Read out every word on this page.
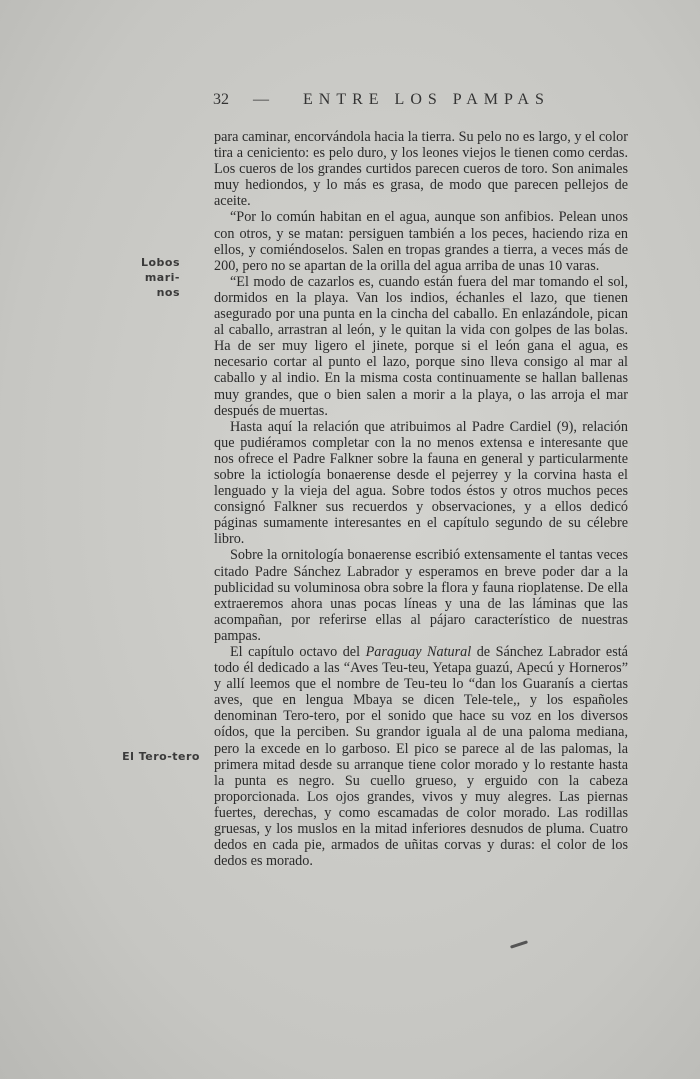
32 — ENTRE LOS PAMPAS
Lobos mari-
nos
El Tero-tero

para caminar, encorvándola hacia la tierra. Su pelo no es largo, y el color tira a ceniciento: es pelo duro, y los leones viejos le tienen como cerdas. Los cueros de los grandes curtidos parecen cueros de toro. Son animales muy hediondos, y lo más es grasa, de modo que parecen pellejos de aceite.

“Por lo común habitan en el agua, aunque son anfibios. Pelean unos con otros, y se matan: persiguen también a los peces, haciendo riza en ellos, y comiéndoselos. Salen en tropas grandes a tierra, a veces más de 200, pero no se apartan de la orilla del agua arriba de unas 10 varas.

“El modo de cazarlos es, cuando están fuera del mar tomando el sol, dormidos en la playa. Van los indios, échanles el lazo, que tienen asegurado por una punta en la cincha del caballo. En enlazándole, pican al caballo, arrastran al león, y le quitan la vida con golpes de las bolas. Ha de ser muy ligero el jinete, porque si el león gana el agua, es necesario cortar al punto el lazo, porque sino lleva consigo al mar al caballo y al indio. En la misma costa continuamente se hallan ballenas muy grandes, que o bien salen a morir a la playa, o las arroja el mar después de muertas.

Hasta aquí la relación que atribuimos al Padre Cardiel (9), relación que pudiéramos completar con la no menos extensa e interesante que nos ofrece el Padre Falkner sobre la fauna en general y particularmente sobre la ictiología bonaerense desde el pejerrey y la corvina hasta el lenguado y la vieja del agua. Sobre todos éstos y otros muchos peces consignó Falkner sus recuerdos y observaciones, y a ellos dedicó páginas sumamente interesantes en el capítulo segundo de su célebre libro.

Sobre la ornitología bonaerense escribió extensamente el tantas veces citado Padre Sánchez Labrador y esperamos en breve poder dar a la publicidad su voluminosa obra sobre la flora y fauna rioplatense. De ella extraeremos ahora unas pocas líneas y una de las láminas que las acompañan, por referirse ellas al pájaro característico de nuestras pampas.

El capítulo octavo del Paraguay Natural de Sánchez Labrador está todo él dedicado a las “Aves Teu-teu, Yetapa guazú, Apecú y Horneros” y allí leemos que el nombre de Teu-teu lo “dan los Guaranís a ciertas aves, que en lengua Mbaya se dicen Tele-tele,, y los españoles denominan Tero-tero, por el sonido que hace su voz en los diversos oídos, que la perciben. Su grandor iguala al de una paloma mediana, pero la excede en lo garboso. El pico se parece al de las palomas, la primera mitad desde su arranque tiene color morado y lo restante hasta la punta es negro. Su cuello grueso, y erguido con la cabeza proporcionada. Los ojos grandes, vivos y muy alegres. Las piernas fuertes, derechas, y como escamadas de color morado. Las rodillas gruesas, y los muslos en la mitad inferiores desnudos de pluma. Cuatro dedos en cada pie, armados de uñitas corvas y duras: el color de los dedos es morado.
